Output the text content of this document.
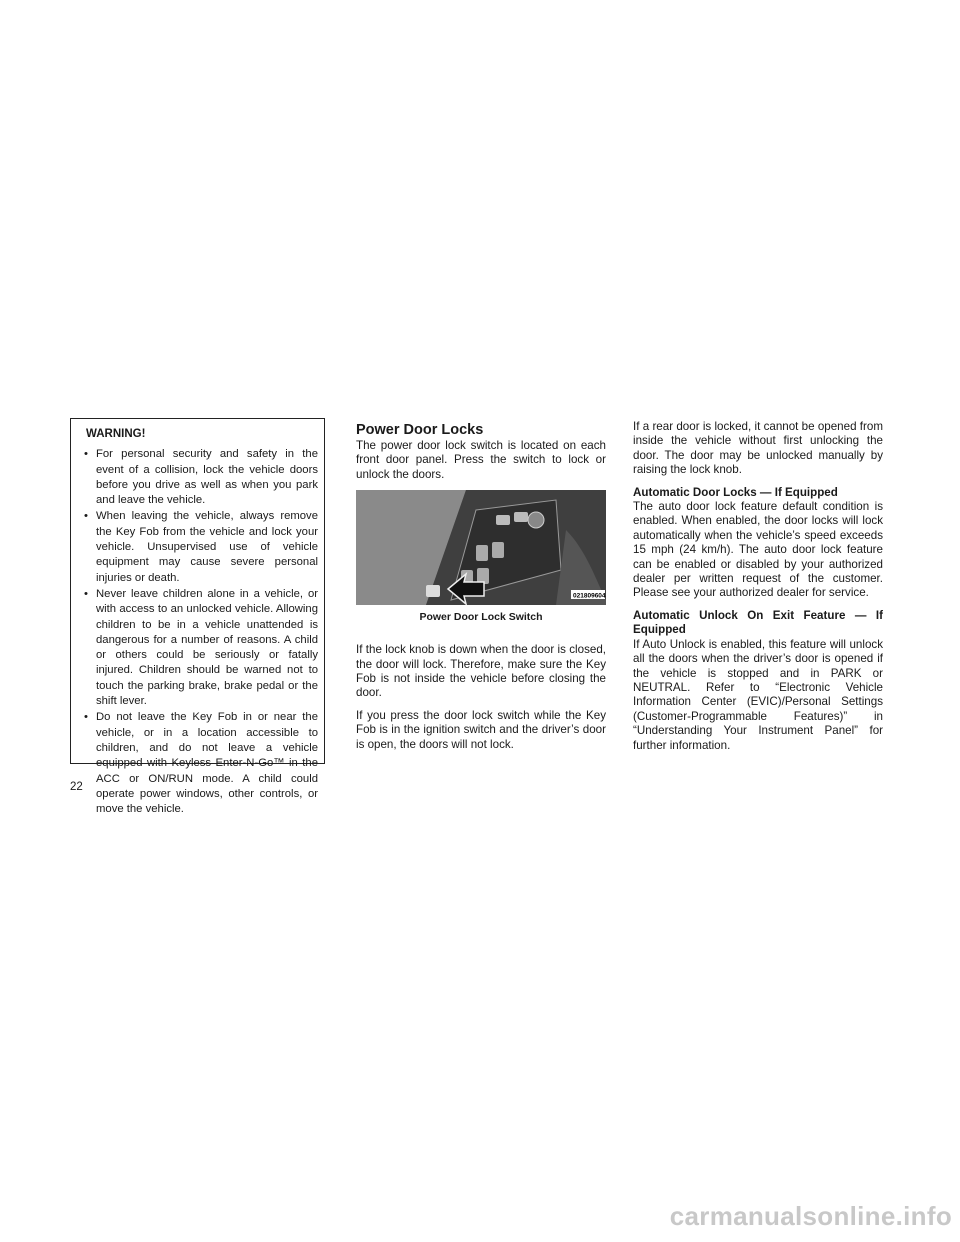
WARNING!
• For personal security and safety in the event of a collision, lock the vehicle doors before you drive as well as when you park and leave the vehicle.
• When leaving the vehicle, always remove the Key Fob from the vehicle and lock your vehicle. Unsupervised use of vehicle equipment may cause severe personal injuries or death.
• Never leave children alone in a vehicle, or with access to an unlocked vehicle. Allowing children to be in a vehicle unattended is dangerous for a number of reasons. A child or others could be seriously or fatally injured. Children should be warned not to touch the parking brake, brake pedal or the shift lever.
• Do not leave the Key Fob in or near the vehicle, or in a location accessible to children, and do not leave a vehicle equipped with Keyless Enter-N-Go™ in the ACC or ON/RUN mode. A child could operate power windows, other controls, or move the vehicle.
Power Door Locks

The power door lock switch is located on each front door panel. Press the switch to lock or unlock the doors.

021809604
Power Door Lock Switch

If the lock knob is down when the door is closed, the door will lock. Therefore, make sure the Key Fob is not inside the vehicle before closing the door.

If you press the door lock switch while the Key Fob is in the ignition switch and the driver’s door is open, the doors will not lock.

If a rear door is locked, it cannot be opened from inside the vehicle without first unlocking the door. The door may be unlocked manually by raising the lock knob.

Automatic Door Locks — If Equipped

The auto door lock feature default condition is enabled. When enabled, the door locks will lock automatically when the vehicle’s speed exceeds 15 mph (24 km/h). The auto door lock feature can be enabled or disabled by your authorized dealer per written request of the customer. Please see your authorized dealer for service.

Automatic Unlock On Exit Feature — If Equipped

If Auto Unlock is enabled, this feature will unlock all the doors when the driver’s door is opened if the vehicle is stopped and in PARK or NEUTRAL. Refer to “Electronic Vehicle Information Center (EVIC)/Personal Settings (Customer-Programmable Features)” in “Understanding Your Instrument Panel” for further information.

22
carmanualsonline.info
